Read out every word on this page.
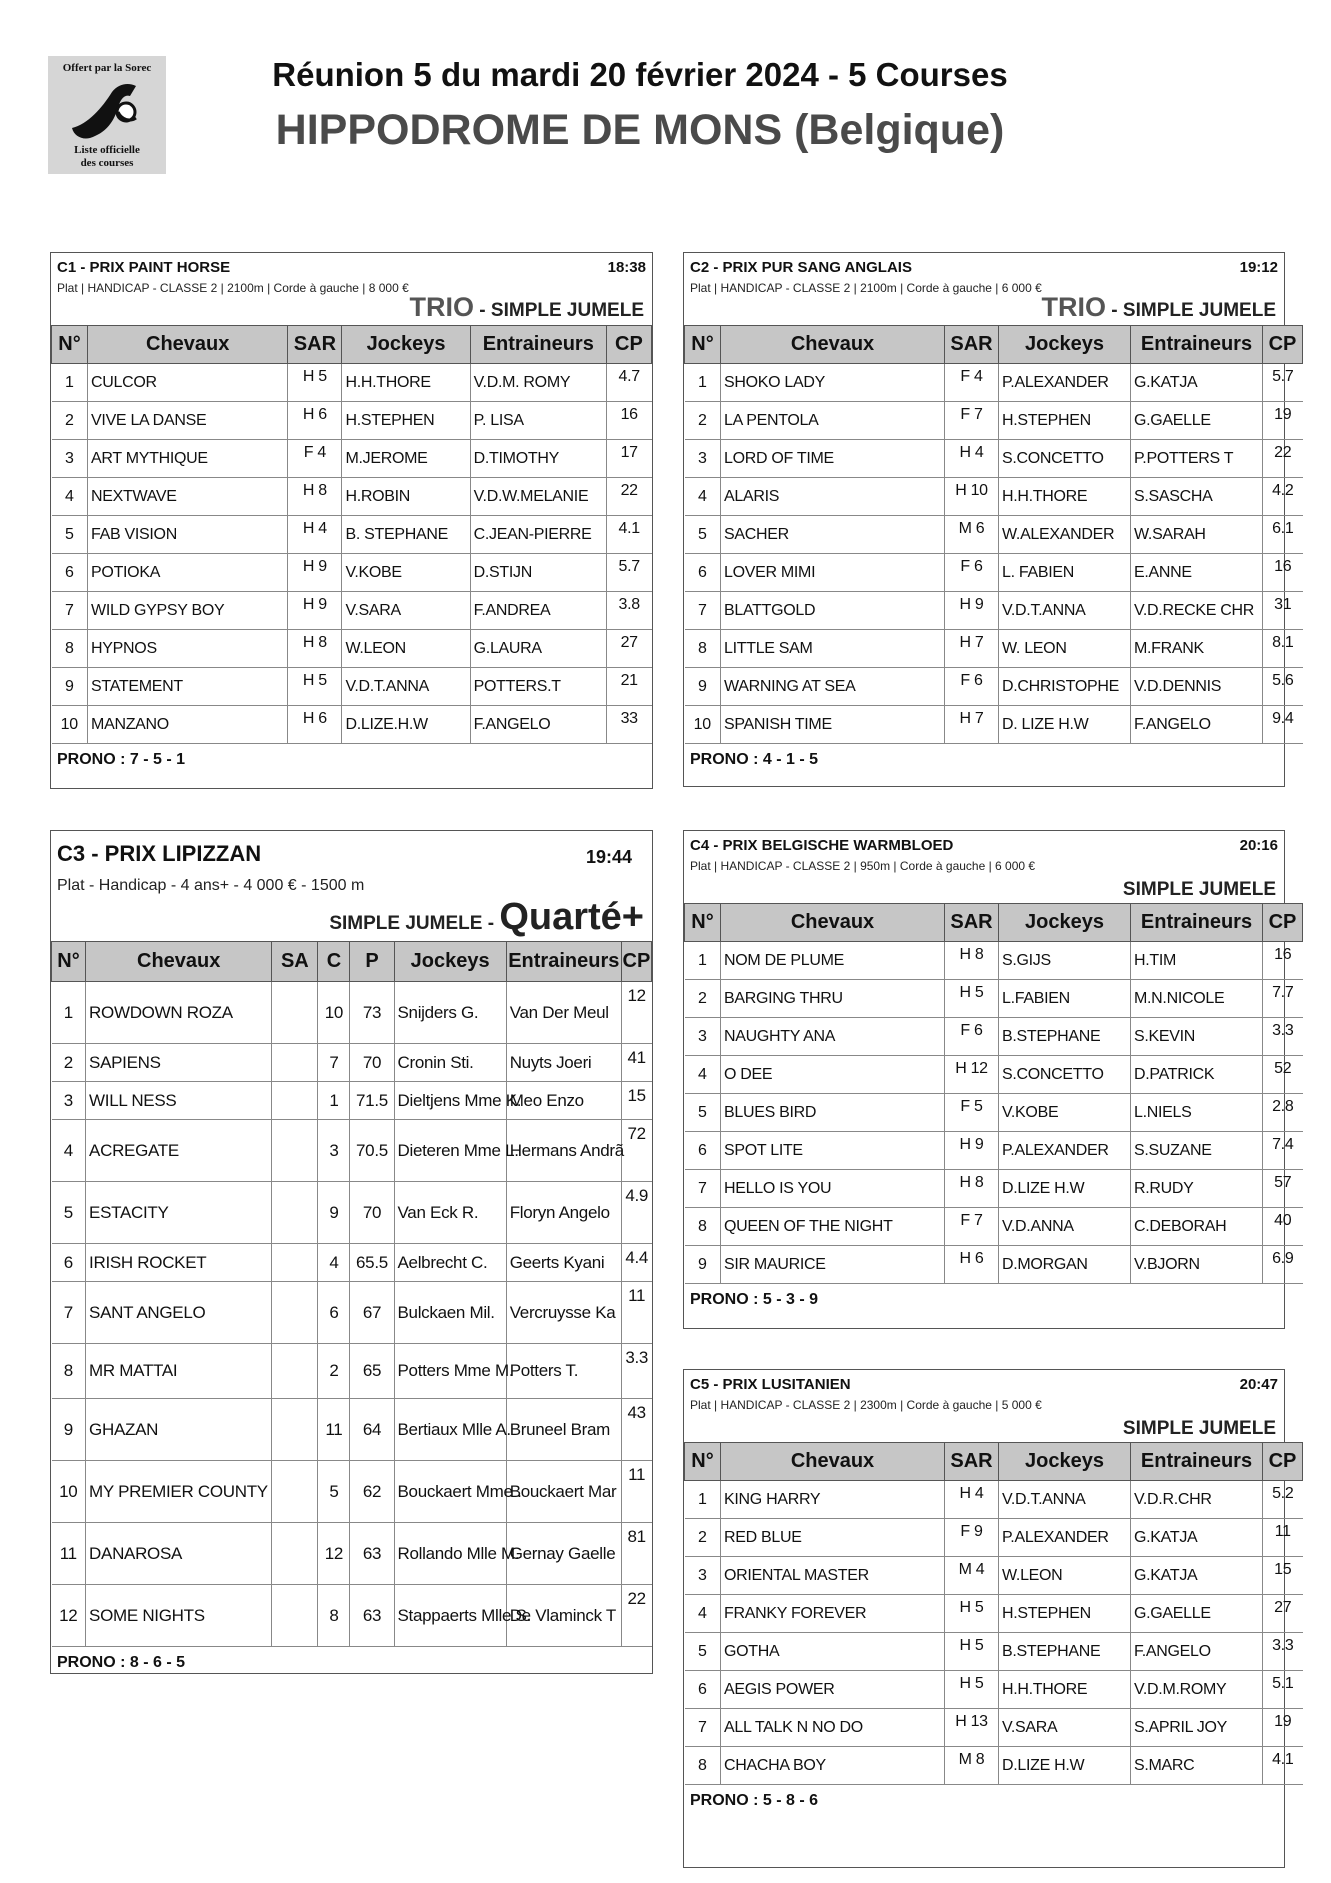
Offert par la Sorec
Liste officielle
des courses
Réunion 5 du mardi 20 février 2024 - 5 Courses
HIPPODROME DE MONS (Belgique)
C1 - PRIX PAINT HORSE	18:38
Plat | HANDICAP - CLASSE 2 | 2100m | Corde à gauche | 8 000 €
TRIO - SIMPLE JUMELE
N°	Chevaux	SAR	Jockeys	Entraineurs	CP
1	CULCOR	H 5	H.H.THORE	V.D.M. ROMY	4.7
2	VIVE LA DANSE	H 6	H.STEPHEN	P. LISA	16
3	ART MYTHIQUE	F 4	M.JEROME	D.TIMOTHY	17
4	NEXTWAVE	H 8	H.ROBIN	V.D.W.MELANIE	22
5	FAB VISION	H 4	B. STEPHANE	C.JEAN-PIERRE	4.1
6	POTIOKA	H 9	V.KOBE	D.STIJN	5.7
7	WILD GYPSY BOY	H 9	V.SARA	F.ANDREA	3.8
8	HYPNOS	H 8	W.LEON	G.LAURA	27
9	STATEMENT	H 5	V.D.T.ANNA	POTTERS.T	21
10	MANZANO	H 6	D.LIZE.H.W	F.ANGELO	33
PRONO : 7 - 5 - 1
C2 - PRIX PUR SANG ANGLAIS	19:12
Plat | HANDICAP - CLASSE 2 | 2100m | Corde à gauche | 6 000 €
TRIO - SIMPLE JUMELE
N°	Chevaux	SAR	Jockeys	Entraineurs	CP
1	SHOKO LADY	F 4	P.ALEXANDER	G.KATJA	5.7
2	LA PENTOLA	F 7	H.STEPHEN	G.GAELLE	19
3	LORD OF TIME	H 4	S.CONCETTO	P.POTTERS T	22
4	ALARIS	H 10	H.H.THORE	S.SASCHA	4.2
5	SACHER	M 6	W.ALEXANDER	W.SARAH	6.1
6	LOVER MIMI	F 6	L. FABIEN	E.ANNE	16
7	BLATTGOLD	H 9	V.D.T.ANNA	V.D.RECKE CHR	31
8	LITTLE SAM	H 7	W. LEON	M.FRANK	8.1
9	WARNING AT SEA	F 6	D.CHRISTOPHE	V.D.DENNIS	5.6
10	SPANISH TIME	H 7	D. LIZE H.W	F.ANGELO	9.4
PRONO : 4 - 1 - 5
C3 - PRIX LIPIZZAN	19:44
Plat - Handicap - 4 ans+ - 4 000 € - 1500 m
SIMPLE JUMELE - Quarté+
N°	Chevaux	SA	C	P	Jockeys	Entraineurs	CP
1	ROWDOWN ROZA		10	73	Snijders G.	Van Der Meul	12
2	SAPIENS		7	70	Cronin Sti.	Nuyts Joeri	41
3	WILL NESS		1	71.5	Dieltjens Mme K.	Meo Enzo	15
4	ACREGATE		3	70.5	Dieteren Mme L.	Hermans Andrã	72
5	ESTACITY		9	70	Van Eck R.	Floryn Angelo	4.9
6	IRISH ROCKET		4	65.5	Aelbrecht C.	Geerts Kyani	4.4
7	SANT ANGELO		6	67	Bulckaen Mil.	Vercruysse Ka	11
8	MR MATTAI		2	65	Potters Mme M.	Potters T.	3.3
9	GHAZAN		11	64	Bertiaux Mlle A.	Bruneel Bram	43
10	MY PREMIER COUNTY		5	62	Bouckaert Mme .	Bouckaert Mar	11
11	DANAROSA		12	63	Rollando Mlle M.	Gernay Gaelle	81
12	SOME NIGHTS		8	63	Stappaerts Mlle S.	De Vlaminck T	22
PRONO : 8 - 6 - 5
C4 - PRIX BELGISCHE WARMBLOED	20:16
Plat | HANDICAP - CLASSE 2 | 950m | Corde à gauche | 6 000 €
SIMPLE JUMELE
N°	Chevaux	SAR	Jockeys	Entraineurs	CP
1	NOM DE PLUME	H 8	S.GIJS	H.TIM	16
2	BARGING THRU	H 5	L.FABIEN	M.N.NICOLE	7.7
3	NAUGHTY ANA	F 6	B.STEPHANE	S.KEVIN	3.3
4	O DEE	H 12	S.CONCETTO	D.PATRICK	52
5	BLUES BIRD	F 5	V.KOBE	L.NIELS	2.8
6	SPOT LITE	H 9	P.ALEXANDER	S.SUZANE	7.4
7	HELLO IS YOU	H 8	D.LIZE H.W	R.RUDY	57
8	QUEEN OF THE NIGHT	F 7	V.D.ANNA	C.DEBORAH	40
9	SIR MAURICE	H 6	D.MORGAN	V.BJORN	6.9
PRONO : 5 - 3 - 9
C5 - PRIX LUSITANIEN	20:47
Plat | HANDICAP - CLASSE 2 | 2300m | Corde à gauche | 5 000 €
SIMPLE JUMELE
N°	Chevaux	SAR	Jockeys	Entraineurs	CP
1	KING HARRY	H 4	V.D.T.ANNA	V.D.R.CHR	5.2
2	RED BLUE	F 9	P.ALEXANDER	G.KATJA	11
3	ORIENTAL MASTER	M 4	W.LEON	G.KATJA	15
4	FRANKY FOREVER	H 5	H.STEPHEN	G.GAELLE	27
5	GOTHA	H 5	B.STEPHANE	F.ANGELO	3.3
6	AEGIS POWER	H 5	H.H.THORE	V.D.M.ROMY	5.1
7	ALL TALK N NO DO	H 13	V.SARA	S.APRIL JOY	19
8	CHACHA BOY	M 8	D.LIZE H.W	S.MARC	4.1
PRONO : 5 - 8 - 6
